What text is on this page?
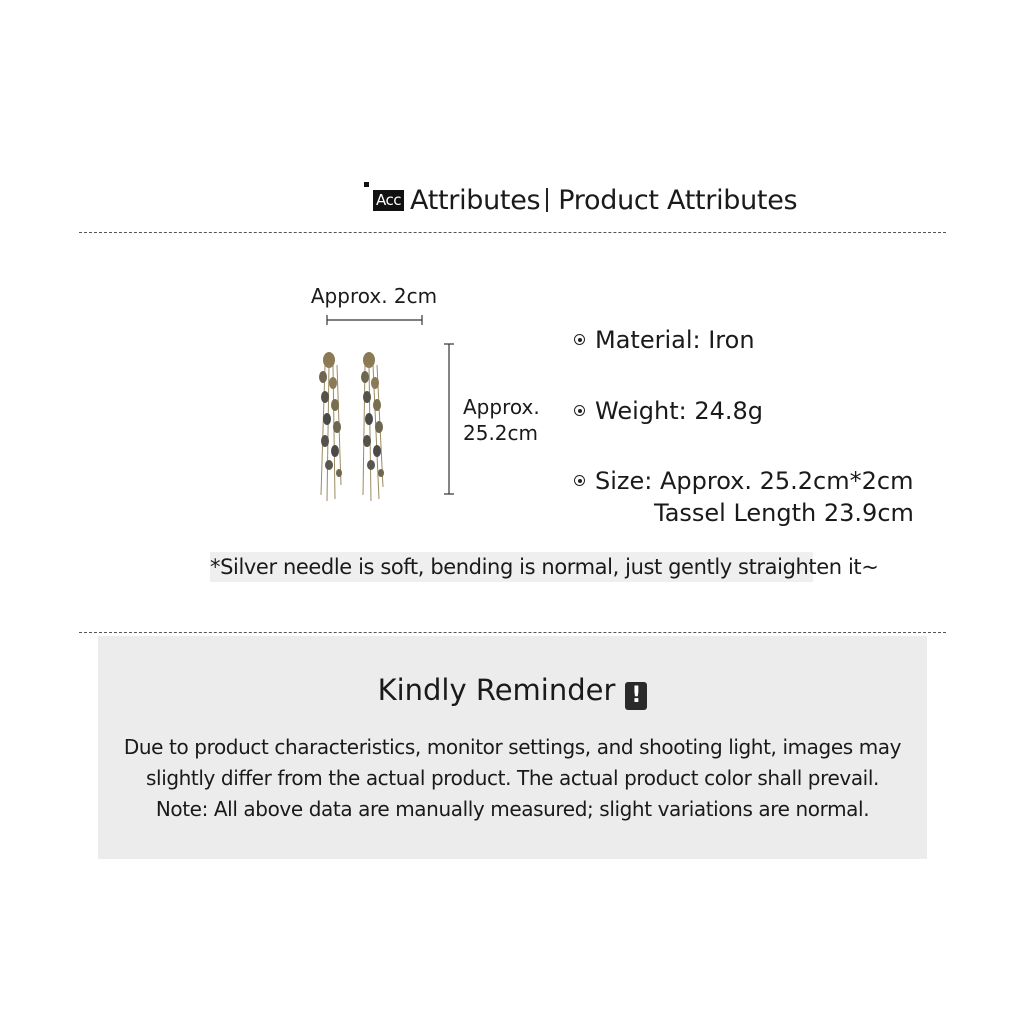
Acc Attributes Product Attributes
Approx. 2cm
Approx.
25.2cm
Material: Iron
Weight: 24.8g
Size: Approx. 25.2cm*2cm
Tassel Length 23.9cm
*Silver needle is soft, bending is normal, just gently straighten it~
Kindly Reminder !
Due to product characteristics, monitor settings, and shooting light, images may
slightly differ from the actual product. The actual product color shall prevail.
Note: All above data are manually measured; slight variations are normal.
